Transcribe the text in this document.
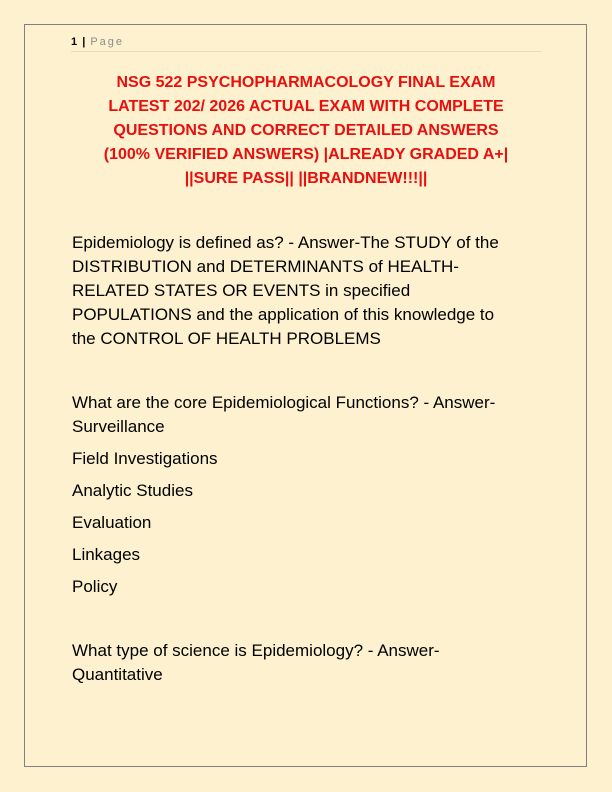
1 | Page
NSG 522 PSYCHOPHARMACOLOGY FINAL EXAM
LATEST 202/ 2026 ACTUAL EXAM WITH COMPLETE
QUESTIONS AND CORRECT DETAILED ANSWERS
(100% VERIFIED ANSWERS) |ALREADY GRADED A+|
||SURE PASS|| ||BRANDNEW!!!||
Epidemiology is defined as? - Answer-The STUDY of the
DISTRIBUTION and DETERMINANTS of HEALTH-
RELATED STATES OR EVENTS in specified
POPULATIONS and the application of this knowledge to
the CONTROL OF HEALTH PROBLEMS
What are the core Epidemiological Functions? - Answer-
Surveillance

Field Investigations

Analytic Studies

Evaluation

Linkages

Policy

What type of science is Epidemiology? - Answer-
Quantitative
